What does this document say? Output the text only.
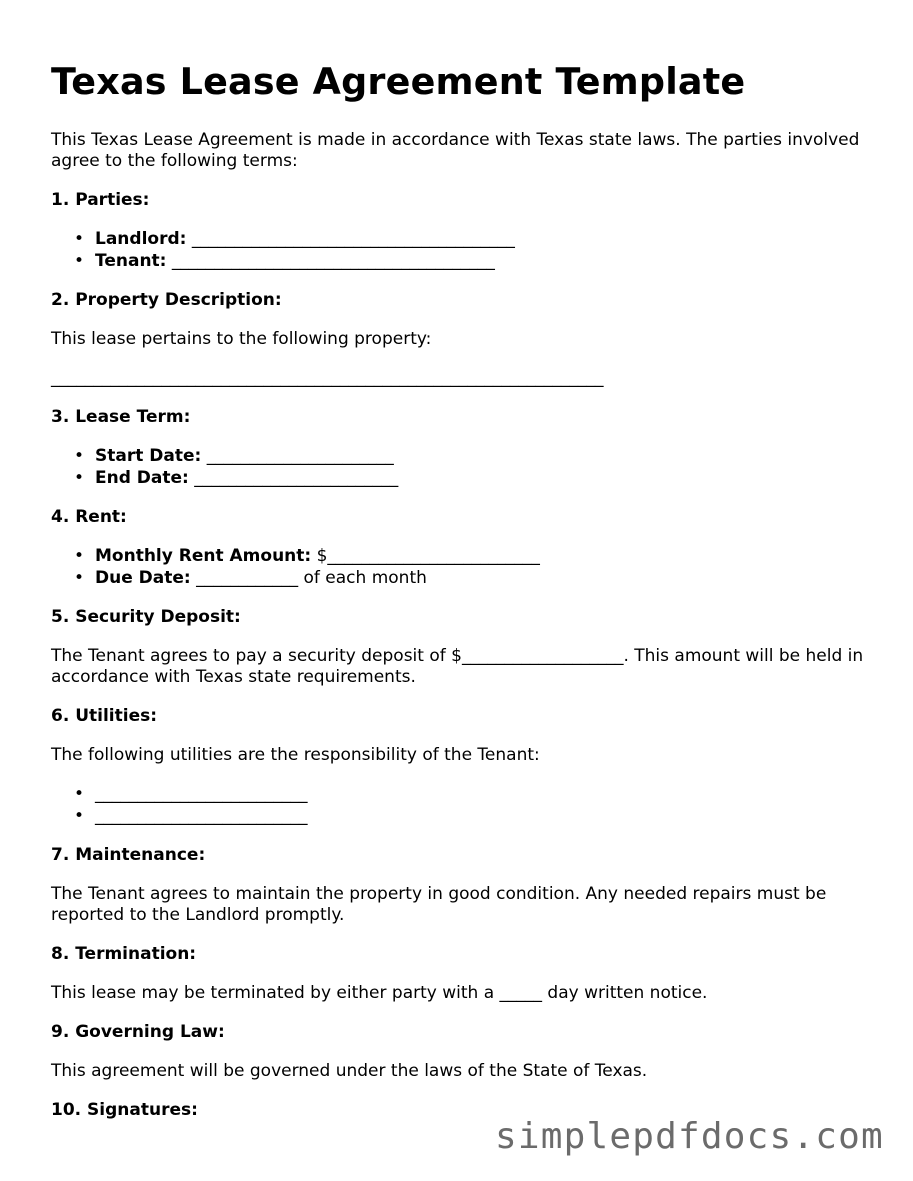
Texas Lease Agreement Template

This Texas Lease Agreement is made in accordance with Texas state laws. The parties involved agree to the following terms:

1. Parties:
• Landlord: ______________________________________
• Tenant: ______________________________________
2. Property Description:

This lease pertains to the following property:

_________________________________________________________________

3. Lease Term:
• Start Date: ______________________
• End Date: ________________________
4. Rent:
• Monthly Rent Amount: $_________________________
• Due Date: ____________ of each month
5. Security Deposit:

The Tenant agrees to pay a security deposit of $___________________. This amount will be held in accordance with Texas state requirements.

6. Utilities:

The following utilities are the responsibility of the Tenant:

• _________________________
• _________________________
7. Maintenance:

The Tenant agrees to maintain the property in good condition. Any needed repairs must be reported to the Landlord promptly.

8. Termination:

This lease may be terminated by either party with a _____ day written notice.

9. Governing Law:

This agreement will be governed under the laws of the State of Texas.

10. Signatures:
simplepdfdocs.com
